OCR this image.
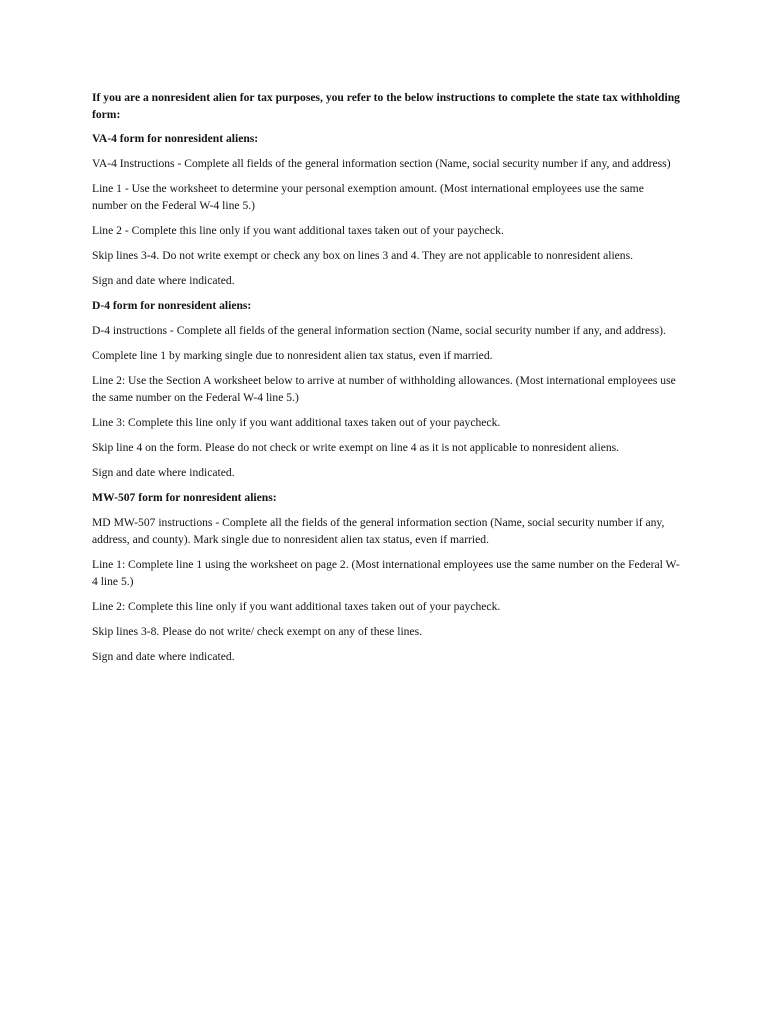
If you are a nonresident alien for tax purposes, you refer to the below instructions to complete the state tax withholding form:

VA-4 form for nonresident aliens:

VA-4 Instructions - Complete all fields of the general information section (Name, social security number if any, and address)

Line 1 - Use the worksheet to determine your personal exemption amount. (Most international employees use the same number on the Federal W-4 line 5.)

Line 2 - Complete this line only if you want additional taxes taken out of your paycheck.

Skip lines 3-4. Do not write exempt or check any box on lines 3 and 4. They are not applicable to nonresident aliens.

Sign and date where indicated.

D-4 form for nonresident aliens:

D-4 instructions - Complete all fields of the general information section (Name, social security number if any, and address).

Complete line 1 by marking single due to nonresident alien tax status, even if married.

Line 2: Use the Section A worksheet below to arrive at number of withholding allowances. (Most international employees use the same number on the Federal W-4 line 5.)

Line 3: Complete this line only if you want additional taxes taken out of your paycheck.

Skip line 4 on the form. Please do not check or write exempt on line 4 as it is not applicable to nonresident aliens.

Sign and date where indicated.

MW-507 form for nonresident aliens:

MD MW-507 instructions - Complete all the fields of the general information section (Name, social security number if any, address, and county). Mark single due to nonresident alien tax status, even if married.

Line 1: Complete line 1 using the worksheet on page 2. (Most international employees use the same number on the Federal W-4 line 5.)

Line 2: Complete this line only if you want additional taxes taken out of your paycheck.

Skip lines 3-8. Please do not write/ check exempt on any of these lines.

Sign and date where indicated.
